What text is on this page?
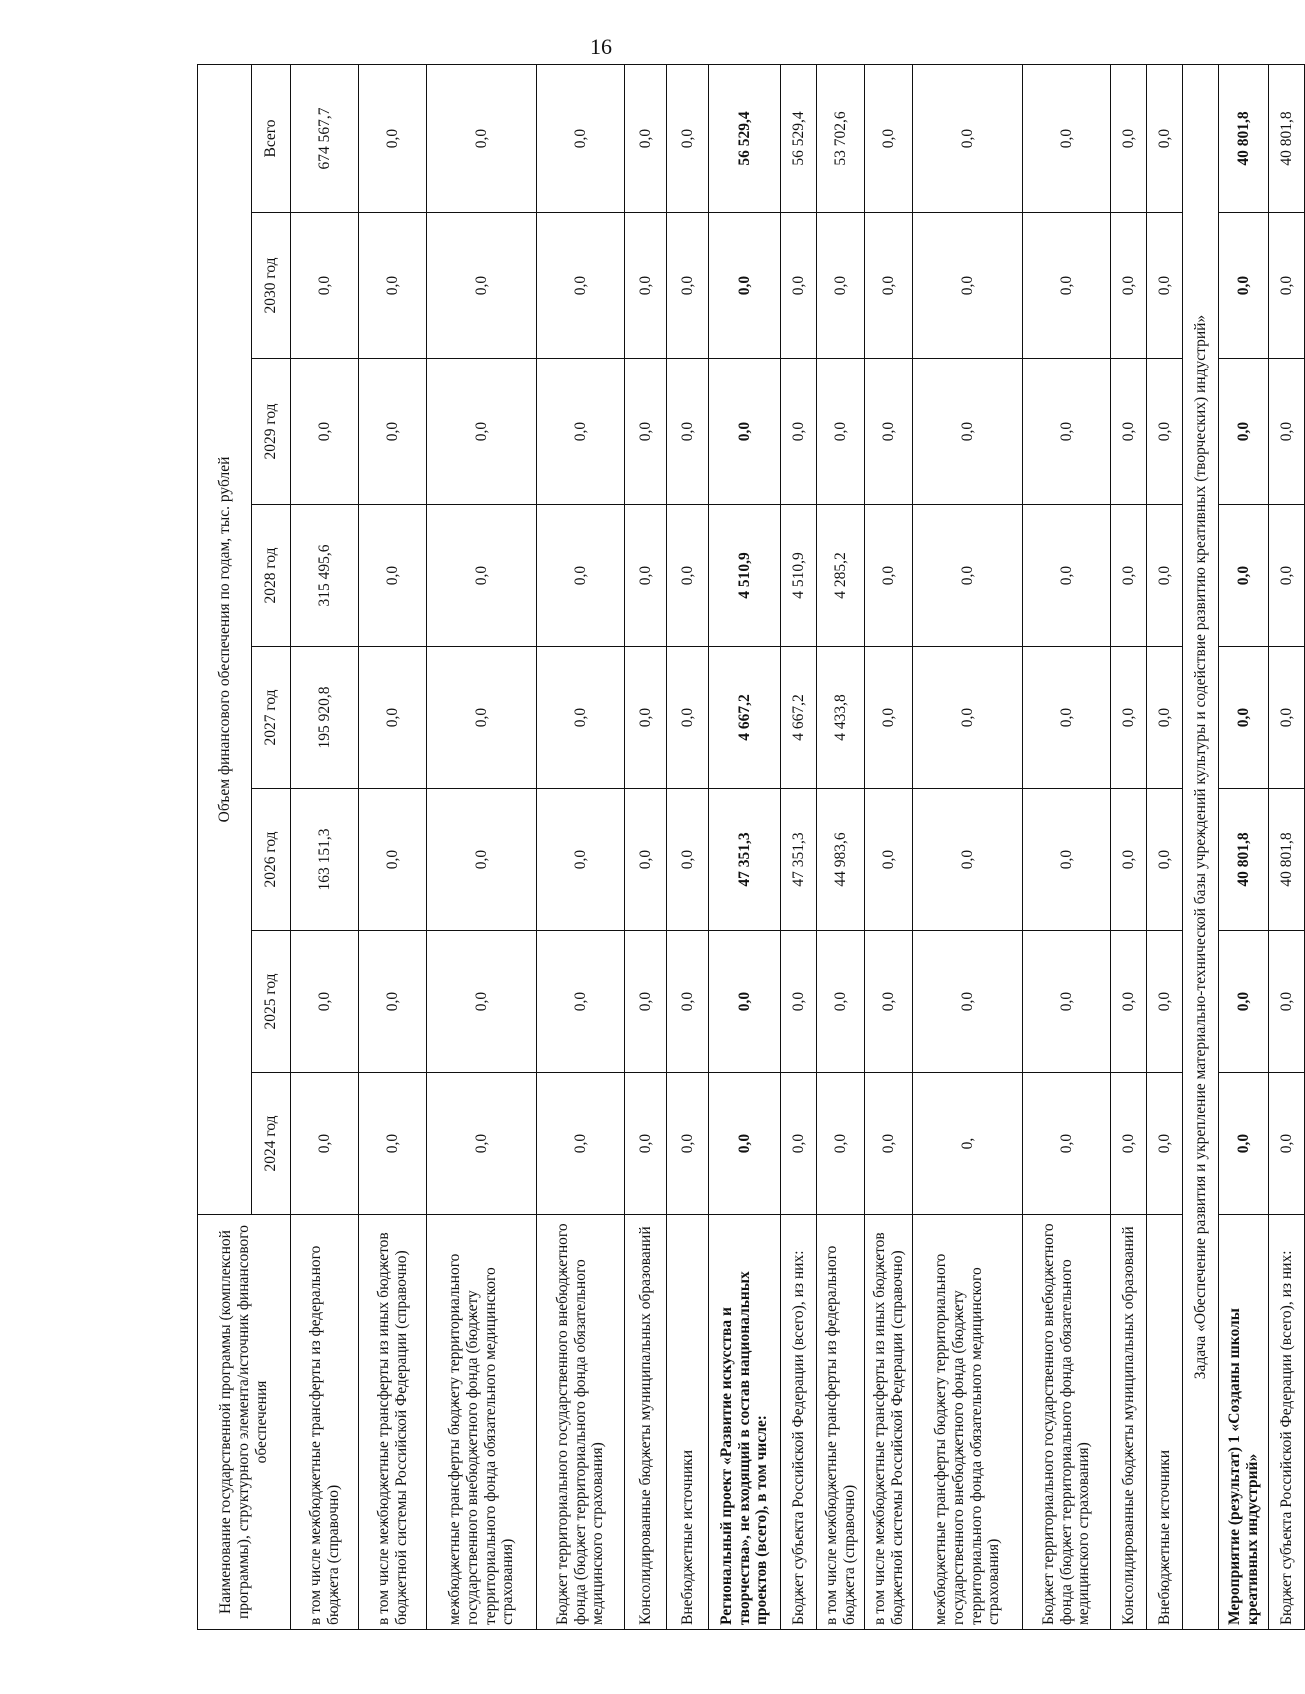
16
Наименование государственной программы (комплексной программы), структурного элемента/источник финансового обеспечения	Объем финансового обеспечения по годам, тыс. рублей							
	2024 год	2025 год	2026 год	2027 год	2028 год	2029 год	2030 год	Всего
в том числе межбюджетные трансферты из федерального бюджета (справочно)	0,0	0,0	163 151,3	195 920,8	315 495,6	0,0	0,0	674 567,7
в том числе межбюджетные трансферты из иных бюджетов бюджетной системы Российской Федерации (справочно)	0,0	0,0	0,0	0,0	0,0	0,0	0,0	0,0
межбюджетные трансферты бюджету территориального государственного внебюджетного фонда (бюджету территориального фонда обязательного медицинского страхования)	0,0	0,0	0,0	0,0	0,0	0,0	0,0	0,0
Бюджет территориального государственного внебюджетного фонда (бюджет территориального фонда обязательного медицинского страхования)	0,0	0,0	0,0	0,0	0,0	0,0	0,0	0,0
Консолидированные бюджеты муниципальных образований	0,0	0,0	0,0	0,0	0,0	0,0	0,0	0,0
Внебюджетные источники	0,0	0,0	0,0	0,0	0,0	0,0	0,0	0,0
Региональный проект «Развитие искусства и творчества», не входящий в состав национальных проектов (всего), в том числе:	0,0	0,0	47 351,3	4 667,2	4 510,9	0,0	0,0	56 529,4
Бюджет субъекта Российской Федерации (всего), из них:	0,0	0,0	47 351,3	4 667,2	4 510,9	0,0	0,0	56 529,4
в том числе межбюджетные трансферты из федерального бюджета (справочно)	0,0	0,0	44 983,6	4 433,8	4 285,2	0,0	0,0	53 702,6
в том числе межбюджетные трансферты из иных бюджетов бюджетной системы Российской Федерации (справочно)	0,0	0,0	0,0	0,0	0,0	0,0	0,0	0,0
межбюджетные трансферты бюджету территориального государственного внебюджетного фонда (бюджету территориального фонда обязательного медицинского страхования)	0,	0,0	0,0	0,0	0,0	0,0	0,0	0,0
Бюджет территориального государственного внебюджетного фонда (бюджет территориального фонда обязательного медицинского страхования)	0,0	0,0	0,0	0,0	0,0	0,0	0,0	0,0
Консолидированные бюджеты муниципальных образований	0,0	0,0	0,0	0,0	0,0	0,0	0,0	0,0
Внебюджетные источники	0,0	0,0	0,0	0,0	0,0	0,0	0,0	0,0
Задача «Обеспечение развития и укрепление материально-технической базы учреждений культуры и содействие развитию креативных (творческих) индустрий»								
Мероприятие (результат) 1 «Созданы школы креативных индустрий»	0,0	0,0	40 801,8	0,0	0,0	0,0	0,0	40 801,8
Бюджет субъекта Российской Федерации (всего), из них:	0,0	0,0	40 801,8	0,0	0,0	0,0	0,0	40 801,8
